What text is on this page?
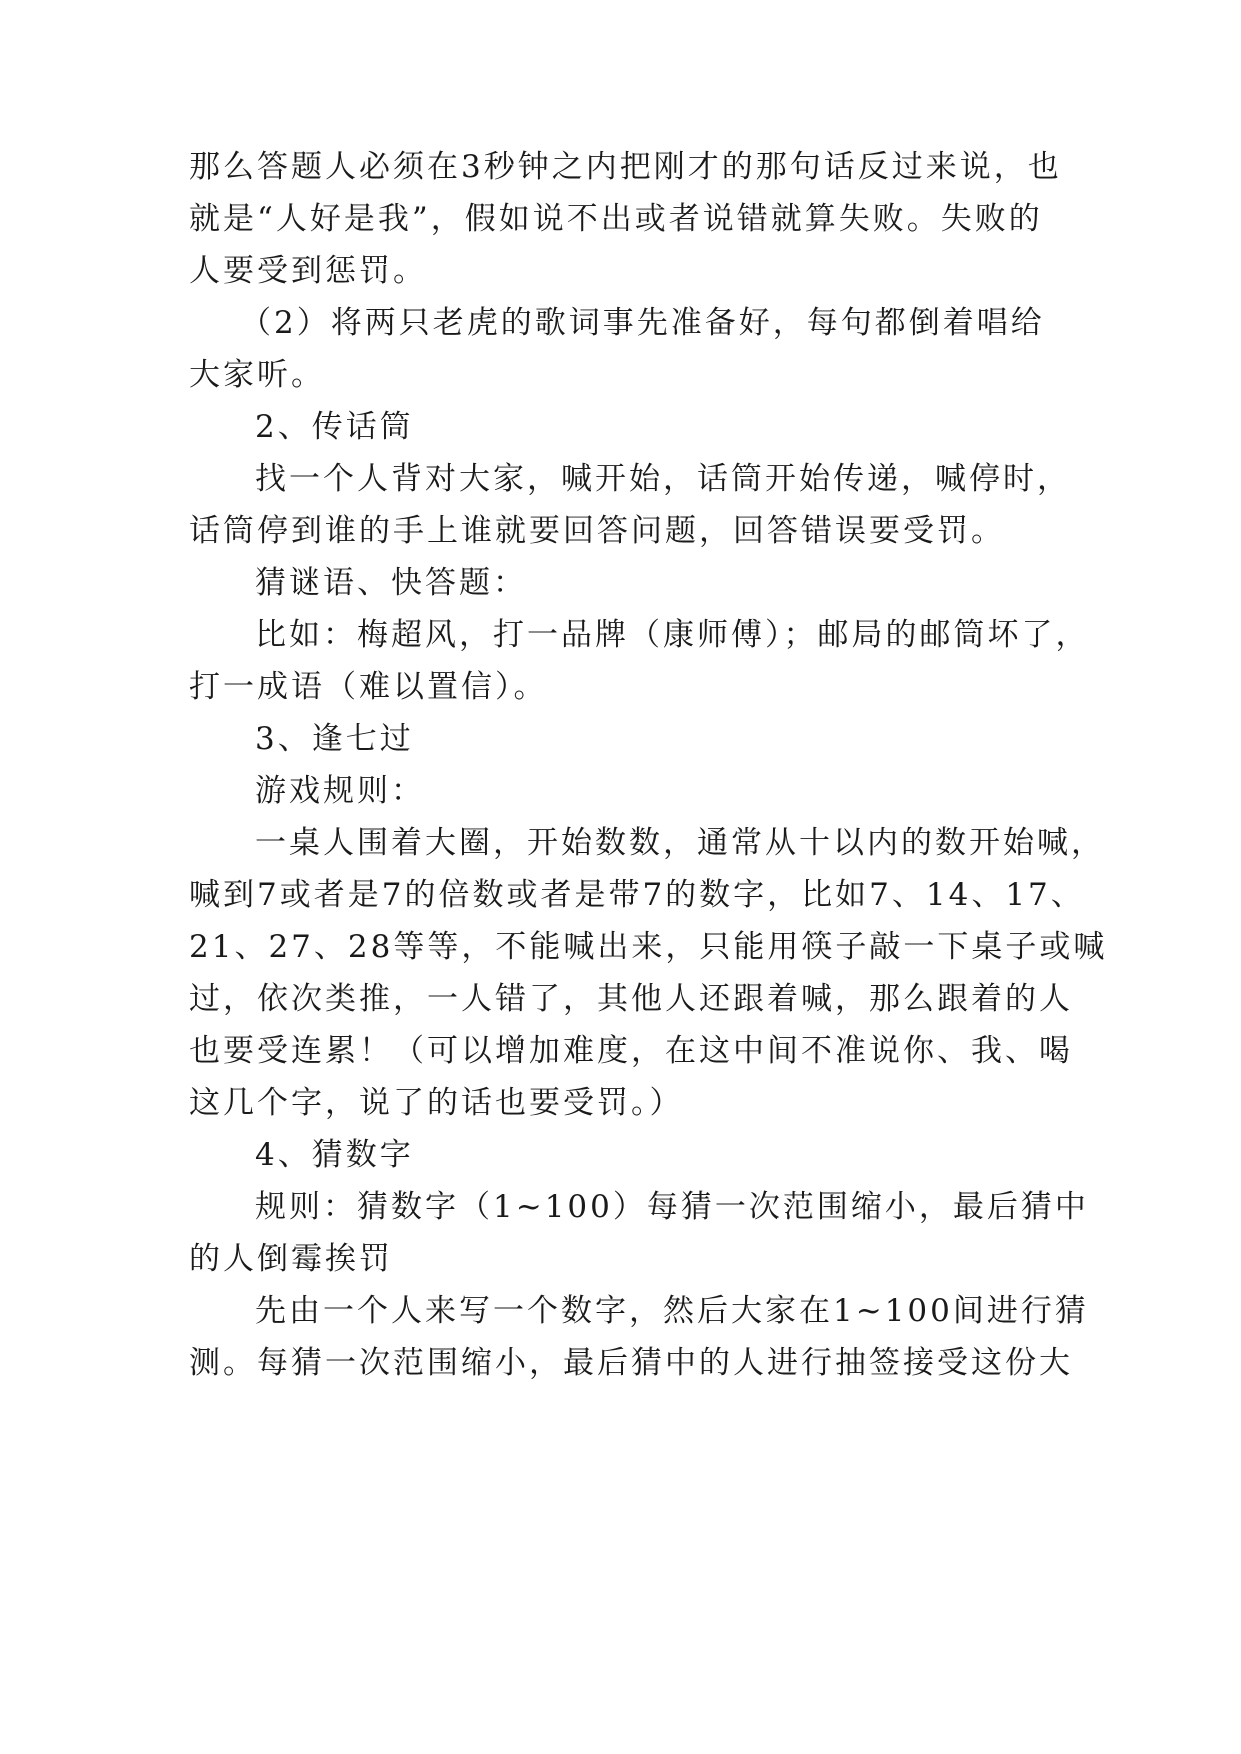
那么答题人必须在3秒钟之内把刚才的那句话反过来说，也

就是“人好是我”，假如说不出或者说错就算失败。失败的

人要受到惩罚。

（2）将两只老虎的歌词事先准备好，每句都倒着唱给

大家听。

2、传话筒

找一个人背对大家，喊开始，话筒开始传递，喊停时，

话筒停到谁的手上谁就要回答问题，回答错误要受罚。

猜谜语、快答题：

比如：梅超风，打一品牌（康师傅）；邮局的邮筒坏了，

打一成语（难以置信）。

3、逢七过

游戏规则：

一桌人围着大圈，开始数数，通常从十以内的数开始喊，

喊到7或者是7的倍数或者是带7的数字，比如7、14、17、

21、27、28等等，不能喊出来，只能用筷子敲一下桌子或喊

过，依次类推，一人错了，其他人还跟着喊，那么跟着的人

也要受连累！（可以增加难度，在这中间不准说你、我、喝

这几个字，说了的话也要受罚。）

4、猜数字

规则：猜数字（1~100）每猜一次范围缩小，最后猜中

的人倒霉挨罚

先由一个人来写一个数字，然后大家在1~100间进行猜

测。每猜一次范围缩小，最后猜中的人进行抽签接受这份大
